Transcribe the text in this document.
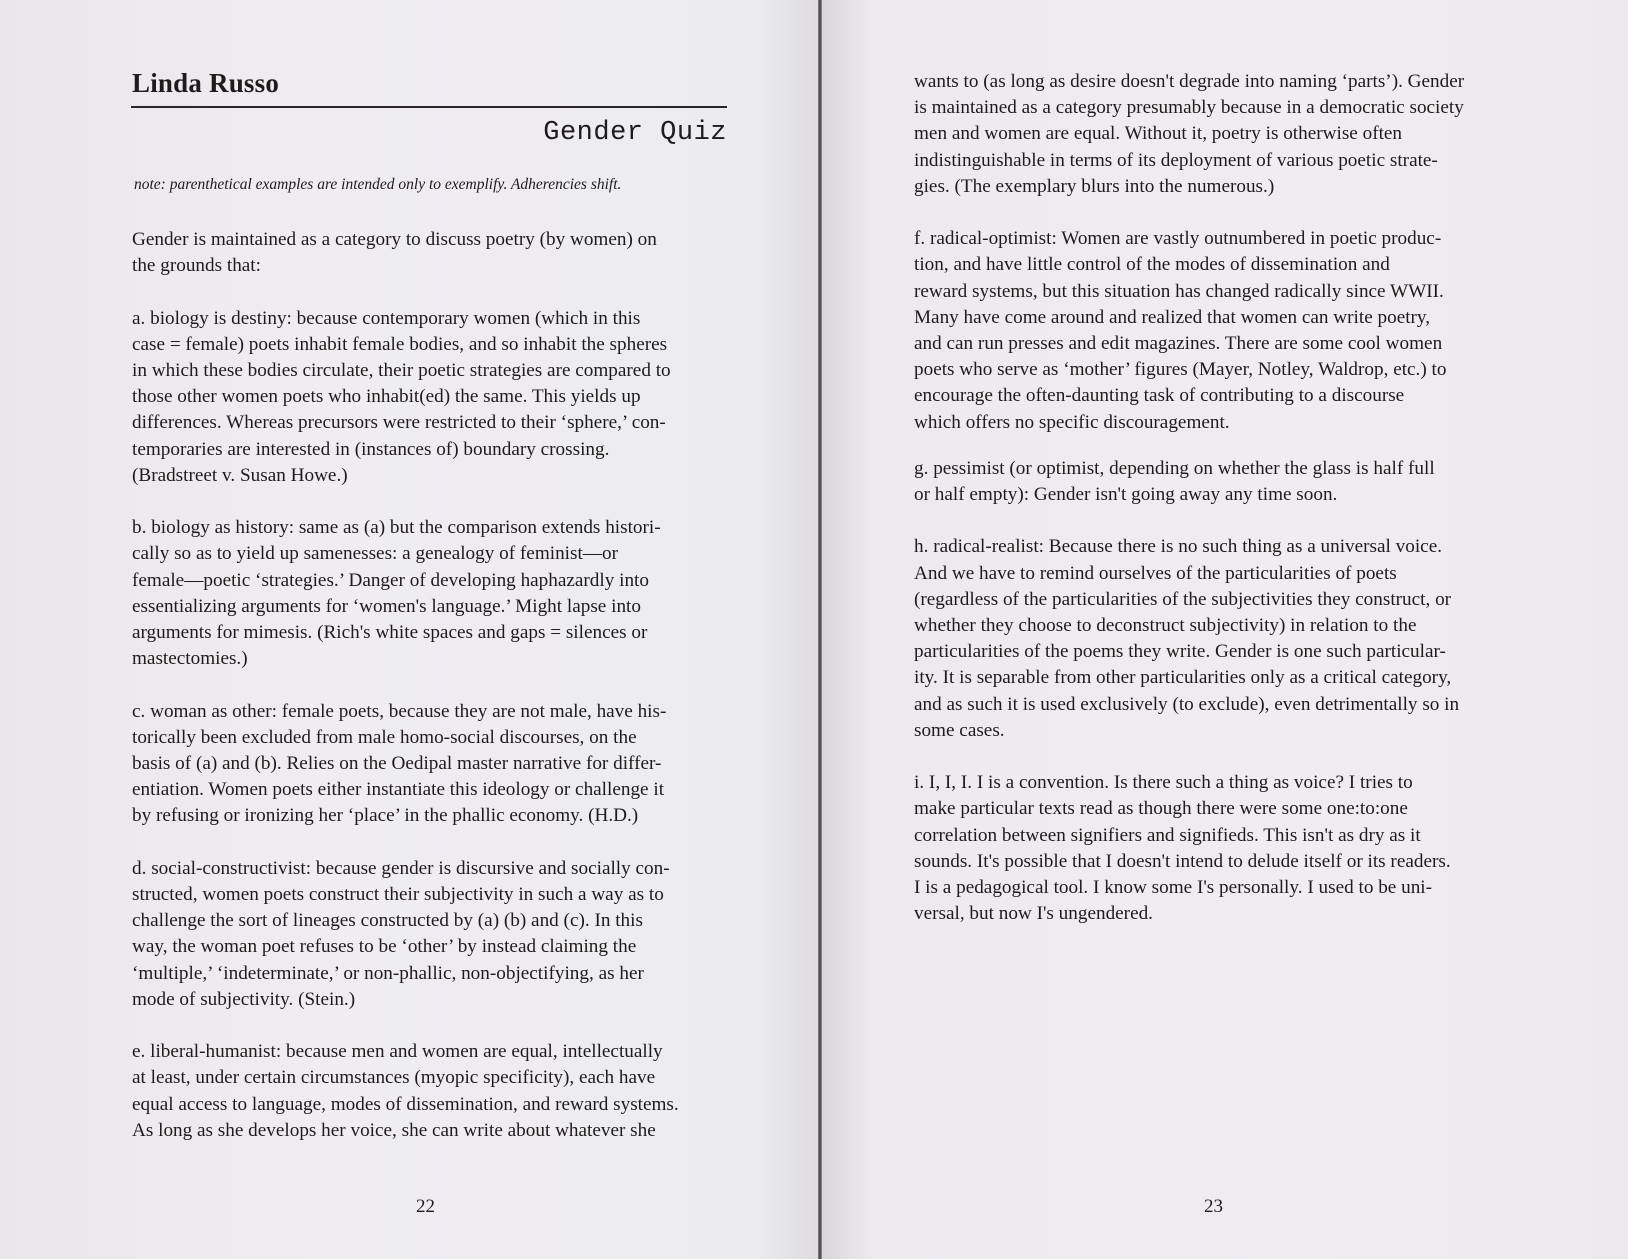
Linda Russo
Gender Quiz
note: parenthetical examples are intended only to exemplify. Adherencies shift.

Gender is maintained as a category to discuss poetry (by women) on
the grounds that:

a. biology is destiny: because contemporary women (which in this
case = female) poets inhabit female bodies, and so inhabit the spheres
in which these bodies circulate, their poetic strategies are compared to
those other women poets who inhabit(ed) the same. This yields up
differences. Whereas precursors were restricted to their ‘sphere,’ con-
temporaries are interested in (instances of) boundary crossing.
(Bradstreet v. Susan Howe.)

b. biology as history: same as (a) but the comparison extends histori-
cally so as to yield up samenesses: a genealogy of feminist—or
female—poetic ‘strategies.’ Danger of developing haphazardly into
essentializing arguments for ‘women's language.’ Might lapse into
arguments for mimesis. (Rich's white spaces and gaps = silences or
mastectomies.)

c. woman as other: female poets, because they are not male, have his-
torically been excluded from male homo-social discourses, on the
basis of (a) and (b). Relies on the Oedipal master narrative for differ-
entiation. Women poets either instantiate this ideology or challenge it
by refusing or ironizing her ‘place’ in the phallic economy. (H.D.)

d. social-constructivist: because gender is discursive and socially con-
structed, women poets construct their subjectivity in such a way as to
challenge the sort of lineages constructed by (a) (b) and (c). In this
way, the woman poet refuses to be ‘other’ by instead claiming the
‘multiple,’ ‘indeterminate,’ or non-phallic, non-objectifying, as her
mode of subjectivity. (Stein.)

e. liberal-humanist: because men and women are equal, intellectually
at least, under certain circumstances (myopic specificity), each have
equal access to language, modes of dissemination, and reward systems.
As long as she develops her voice, she can write about whatever she

22

wants to (as long as desire doesn't degrade into naming ‘parts’). Gender
is maintained as a category presumably because in a democratic society
men and women are equal. Without it, poetry is otherwise often
indistinguishable in terms of its deployment of various poetic strate-
gies. (The exemplary blurs into the numerous.)

f. radical-optimist: Women are vastly outnumbered in poetic produc-
tion, and have little control of the modes of dissemination and
reward systems, but this situation has changed radically since WWII.
Many have come around and realized that women can write poetry,
and can run presses and edit magazines. There are some cool women
poets who serve as ‘mother’ figures (Mayer, Notley, Waldrop, etc.) to
encourage the often-daunting task of contributing to a discourse
which offers no specific discouragement.

g. pessimist (or optimist, depending on whether the glass is half full
or half empty): Gender isn't going away any time soon.

h. radical-realist: Because there is no such thing as a universal voice.
And we have to remind ourselves of the particularities of poets
(regardless of the particularities of the subjectivities they construct, or
whether they choose to deconstruct subjectivity) in relation to the
particularities of the poems they write. Gender is one such particular-
ity. It is separable from other particularities only as a critical category,
and as such it is used exclusively (to exclude), even detrimentally so in
some cases.

i. I, I, I. I is a convention. Is there such a thing as voice? I tries to
make particular texts read as though there were some one:to:one
correlation between signifiers and signifieds. This isn't as dry as it
sounds. It's possible that I doesn't intend to delude itself or its readers.
I is a pedagogical tool. I know some I's personally. I used to be uni-
versal, but now I's ungendered.

23
